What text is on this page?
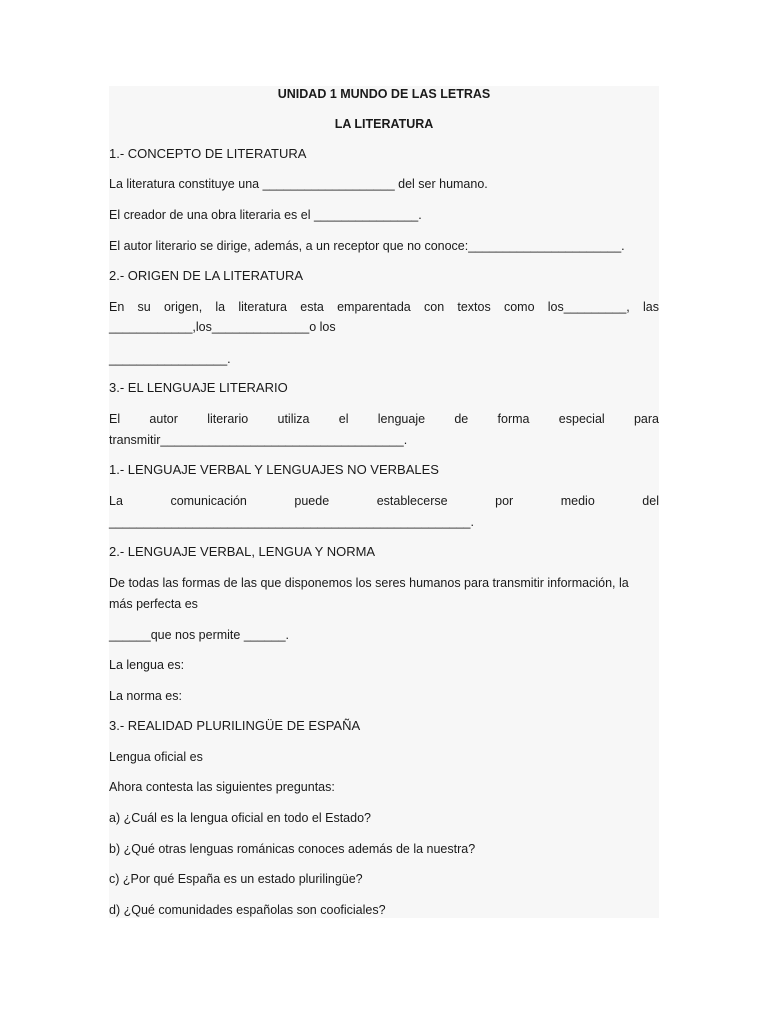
UNIDAD 1 MUNDO DE LAS LETRAS
LA LITERATURA
1.- CONCEPTO DE LITERATURA
La literatura constituye una ___________________ del ser humano.
El creador de una obra literaria es el _______________.
El autor literario se dirige, además, a un receptor que no conoce:______________________.
2.- ORIGEN DE LA LITERATURA
En su origen, la literatura esta emparentada con textos como los_________, las
____________,los______________o los
_________________.
3.- EL LENGUAJE LITERARIO
El autor literario utiliza el lenguaje de forma especial para
transmitir___________________________________.
1.- LENGUAJE VERBAL Y LENGUAJES NO VERBALES
La comunicación puede establecerse por medio del
____________________________________________________.
2.- LENGUAJE VERBAL, LENGUA Y NORMA
De todas las formas de las que disponemos los seres humanos para transmitir información, la
más perfecta es
______que nos permite ______.
La lengua es:
La norma es:
3.- REALIDAD PLURILINGÜE DE ESPAÑA
Lengua oficial es
Ahora contesta las siguientes preguntas:
a) ¿Cuál es la lengua oficial en todo el Estado?
b) ¿Qué otras lenguas románicas conoces además de la nuestra?
c) ¿Por qué España es un estado plurilingüe?
d) ¿Qué comunidades españolas son cooficiales?
